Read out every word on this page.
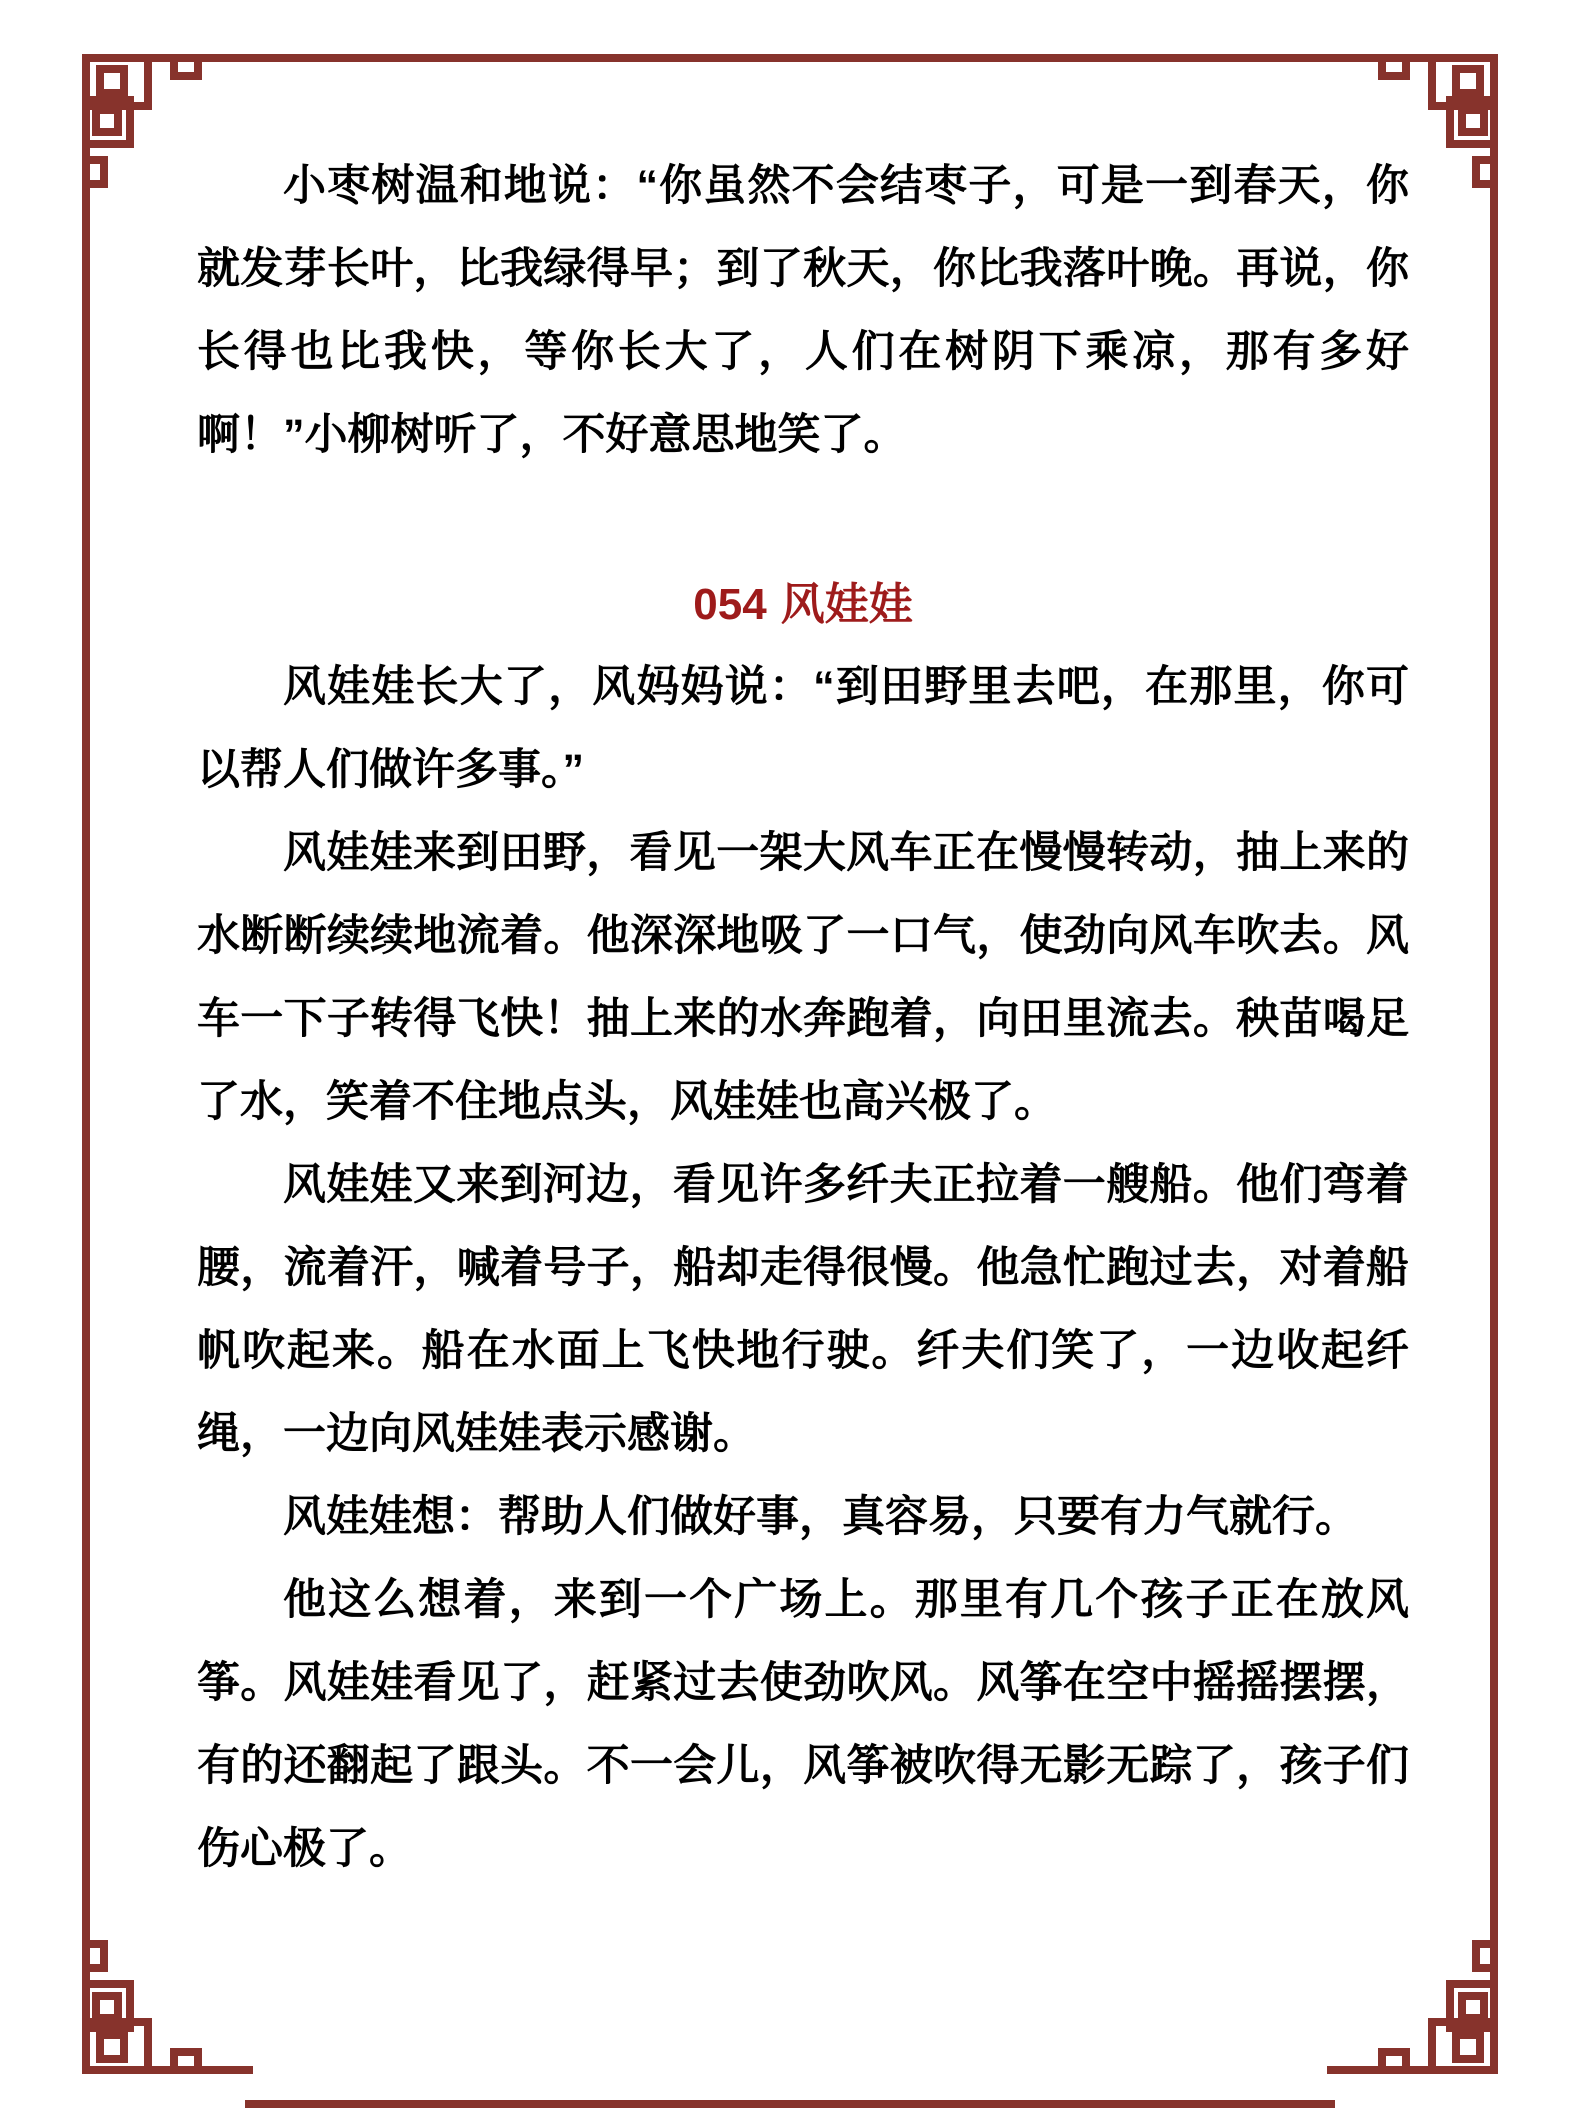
小枣树温和地说：“你虽然不会结枣子，可是一到春天，你就发芽长叶，比我绿得早；到了秋天，你比我落叶晚。再说，你长得也比我快，等你长大了，人们在树阴下乘凉，那有多好啊！”小柳树听了，不好意思地笑了。

054 风娃娃

风娃娃长大了，风妈妈说：“到田野里去吧，在那里，你可以帮人们做许多事。”

风娃娃来到田野，看见一架大风车正在慢慢转动，抽上来的水断断续续地流着。他深深地吸了一口气，使劲向风车吹去。风车一下子转得飞快！抽上来的水奔跑着，向田里流去。秧苗喝足了水，笑着不住地点头，风娃娃也高兴极了。

风娃娃又来到河边，看见许多纤夫正拉着一艘船。他们弯着腰，流着汗，喊着号子，船却走得很慢。他急忙跑过去，对着船帆吹起来。船在水面上飞快地行驶。纤夫们笑了，一边收起纤绳，一边向风娃娃表示感谢。

风娃娃想：帮助人们做好事，真容易，只要有力气就行。

他这么想着，来到一个广场上。那里有几个孩子正在放风筝。风娃娃看见了，赶紧过去使劲吹风。风筝在空中摇摇摆摆，有的还翻起了跟头。不一会儿，风筝被吹得无影无踪了，孩子们伤心极了。
